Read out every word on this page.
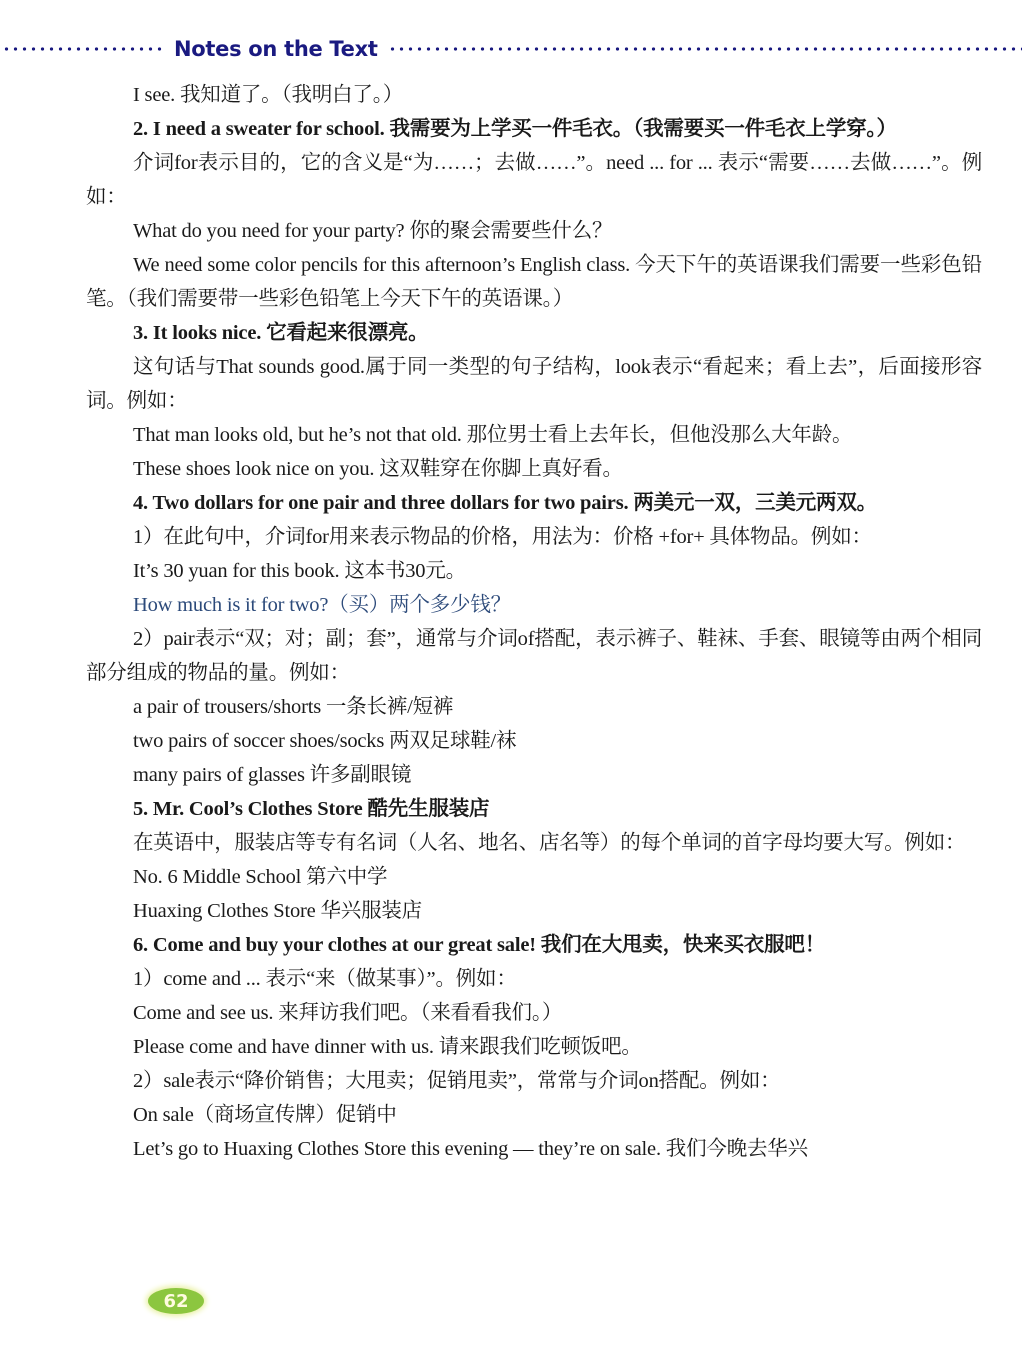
Notes on the Text
I see. 我知道了。（我明白了。）
2. I need a sweater for school. 我需要为上学买一件毛衣。（我需要买一件毛衣上学穿。）
介词for表示目的，它的含义是“为……；去做……”。need ... for ... 表示“需要……去做……”。例如：
What do you need for your party? 你的聚会需要些什么？
We need some color pencils for this afternoon’s English class. 今天下午的英语课我们需要一些彩色铅笔。（我们需要带一些彩色铅笔上今天下午的英语课。）
3. It looks nice. 它看起来很漂亮。
这句话与That sounds good.属于同一类型的句子结构，look表示“看起来；看上去”，后面接形容词。例如：
That man looks old, but he’s not that old. 那位男士看上去年长，但他没那么大年龄。
These shoes look nice on you. 这双鞋穿在你脚上真好看。
4. Two dollars for one pair and three dollars for two pairs. 两美元一双，三美元两双。
1）在此句中，介词for用来表示物品的价格，用法为：价格 +for+ 具体物品。例如：
It’s 30 yuan for this book. 这本书30元。
How much is it for two?（买）两个多少钱？
2）pair表示“双；对；副；套”，通常与介词of搭配，表示裤子、鞋袜、手套、眼镜等由两个相同部分组成的物品的量。例如：
a pair of trousers/shorts 一条长裤/短裤
two pairs of soccer shoes/socks 两双足球鞋/袜
many pairs of glasses 许多副眼镜
5. Mr. Cool’s Clothes Store 酷先生服装店
在英语中，服装店等专有名词（人名、地名、店名等）的每个单词的首字母均要大写。例如：
No. 6 Middle School 第六中学
Huaxing Clothes Store 华兴服装店
6. Come and buy your clothes at our great sale! 我们在大甩卖，快来买衣服吧！
1）come and ... 表示“来（做某事）”。例如：
Come and see us. 来拜访我们吧。（来看看我们。）
Please come and have dinner with us. 请来跟我们吃顿饭吧。
2）sale表示“降价销售；大甩卖；促销甩卖”，常常与介词on搭配。例如：
On sale（商场宣传牌）促销中
Let’s go to Huaxing Clothes Store this evening — they’re on sale. 我们今晚去华兴
62
